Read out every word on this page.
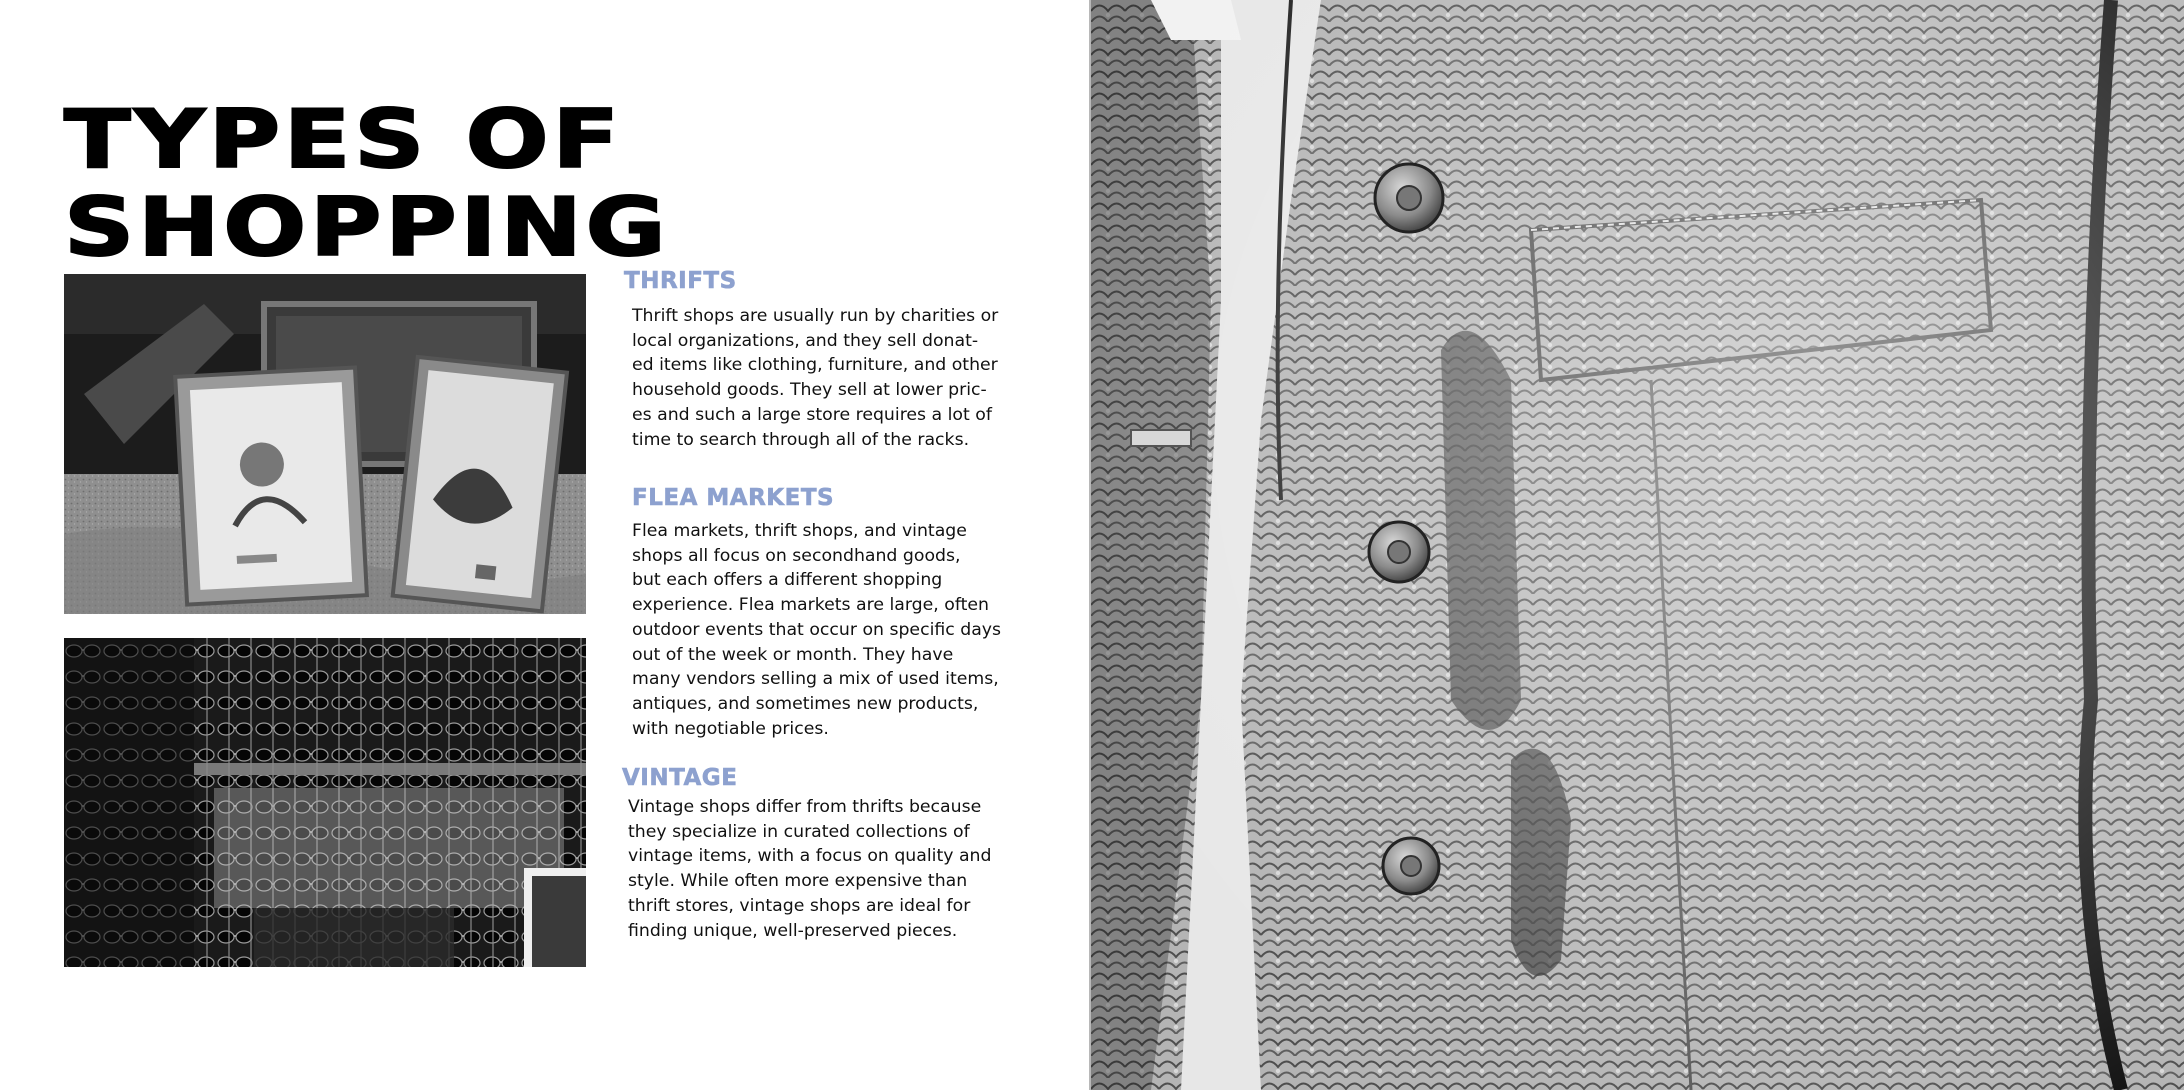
TYPES OF
SHOPPING
THRIFTS
Thrift shops are usually run by charities or
local organizations, and they sell donat-
ed items like clothing, furniture, and other
household goods. They sell at lower pric-
es and such a large store requires a lot of
time to search through all of the racks.
FLEA MARKETS
Flea markets, thrift shops, and vintage
shops all focus on secondhand goods,
but each offers a different shopping
experience. Flea markets are large, often
outdoor events that occur on specific days
out of the week or month. They have
many vendors selling a mix of used items,
antiques, and sometimes new products,
with negotiable prices.
VINTAGE
Vintage shops differ from thrifts because
they specialize in curated collections of
vintage items, with a focus on quality and
style. While often more expensive than
thrift stores, vintage shops are ideal for
finding unique, well-preserved pieces.
